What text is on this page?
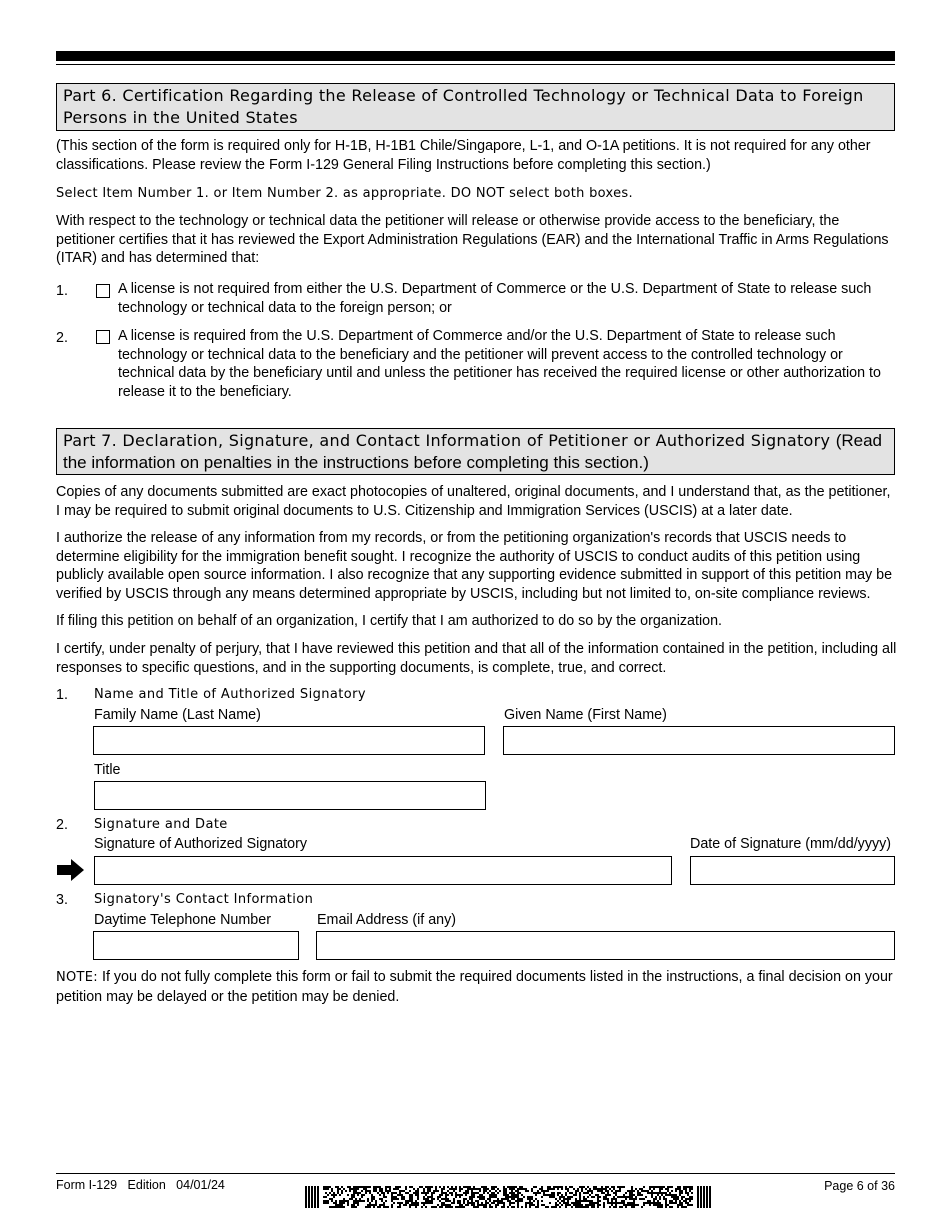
Part 6. Certification Regarding the Release of Controlled Technology or Technical Data to Foreign Persons in the United States
(This section of the form is required only for H-1B, H-1B1 Chile/Singapore, L-1, and O-1A petitions. It is not required for any other classifications. Please review the Form I-129 General Filing Instructions before completing this section.)
Select Item Number 1. or Item Number 2. as appropriate. DO NOT select both boxes.
With respect to the technology or technical data the petitioner will release or otherwise provide access to the beneficiary, the petitioner certifies that it has reviewed the Export Administration Regulations (EAR) and the International Traffic in Arms Regulations (ITAR) and has determined that:
1.	A license is not required from either the U.S. Department of Commerce or the U.S. Department of State to release such technology or technical data to the foreign person; or
2.	A license is required from the U.S. Department of Commerce and/or the U.S. Department of State to release such technology or technical data to the beneficiary and the petitioner will prevent access to the controlled technology or technical data by the beneficiary until and unless the petitioner has received the required license or other authorization to release it to the beneficiary.
Part 7. Declaration, Signature, and Contact Information of Petitioner or Authorized Signatory (Read the information on penalties in the instructions before completing this section.)
Copies of any documents submitted are exact photocopies of unaltered, original documents, and I understand that, as the petitioner, I may be required to submit original documents to U.S. Citizenship and Immigration Services (USCIS) at a later date.
I authorize the release of any information from my records, or from the petitioning organization's records that USCIS needs to determine eligibility for the immigration benefit sought. I recognize the authority of USCIS to conduct audits of this petition using publicly available open source information. I also recognize that any supporting evidence submitted in support of this petition may be verified by USCIS through any means determined appropriate by USCIS, including but not limited to, on-site compliance reviews.
If filing this petition on behalf of an organization, I certify that I am authorized to do so by the organization.
I certify, under penalty of perjury, that I have reviewed this petition and that all of the information contained in the petition, including all responses to specific questions, and in the supporting documents, is complete, true, and correct.
1. Name and Title of Authorized Signatory
Family Name (Last Name)	Given Name (First Name)
Title
2. Signature and Date
Signature of Authorized Signatory	Date of Signature (mm/dd/yyyy)
3. Signatory's Contact Information
Daytime Telephone Number	Email Address (if any)
NOTE: If you do not fully complete this form or fail to submit the required documents listed in the instructions, a final decision on your petition may be delayed or the petition may be denied.
Form I-129   Edition   04/01/24	Page 6 of 36
